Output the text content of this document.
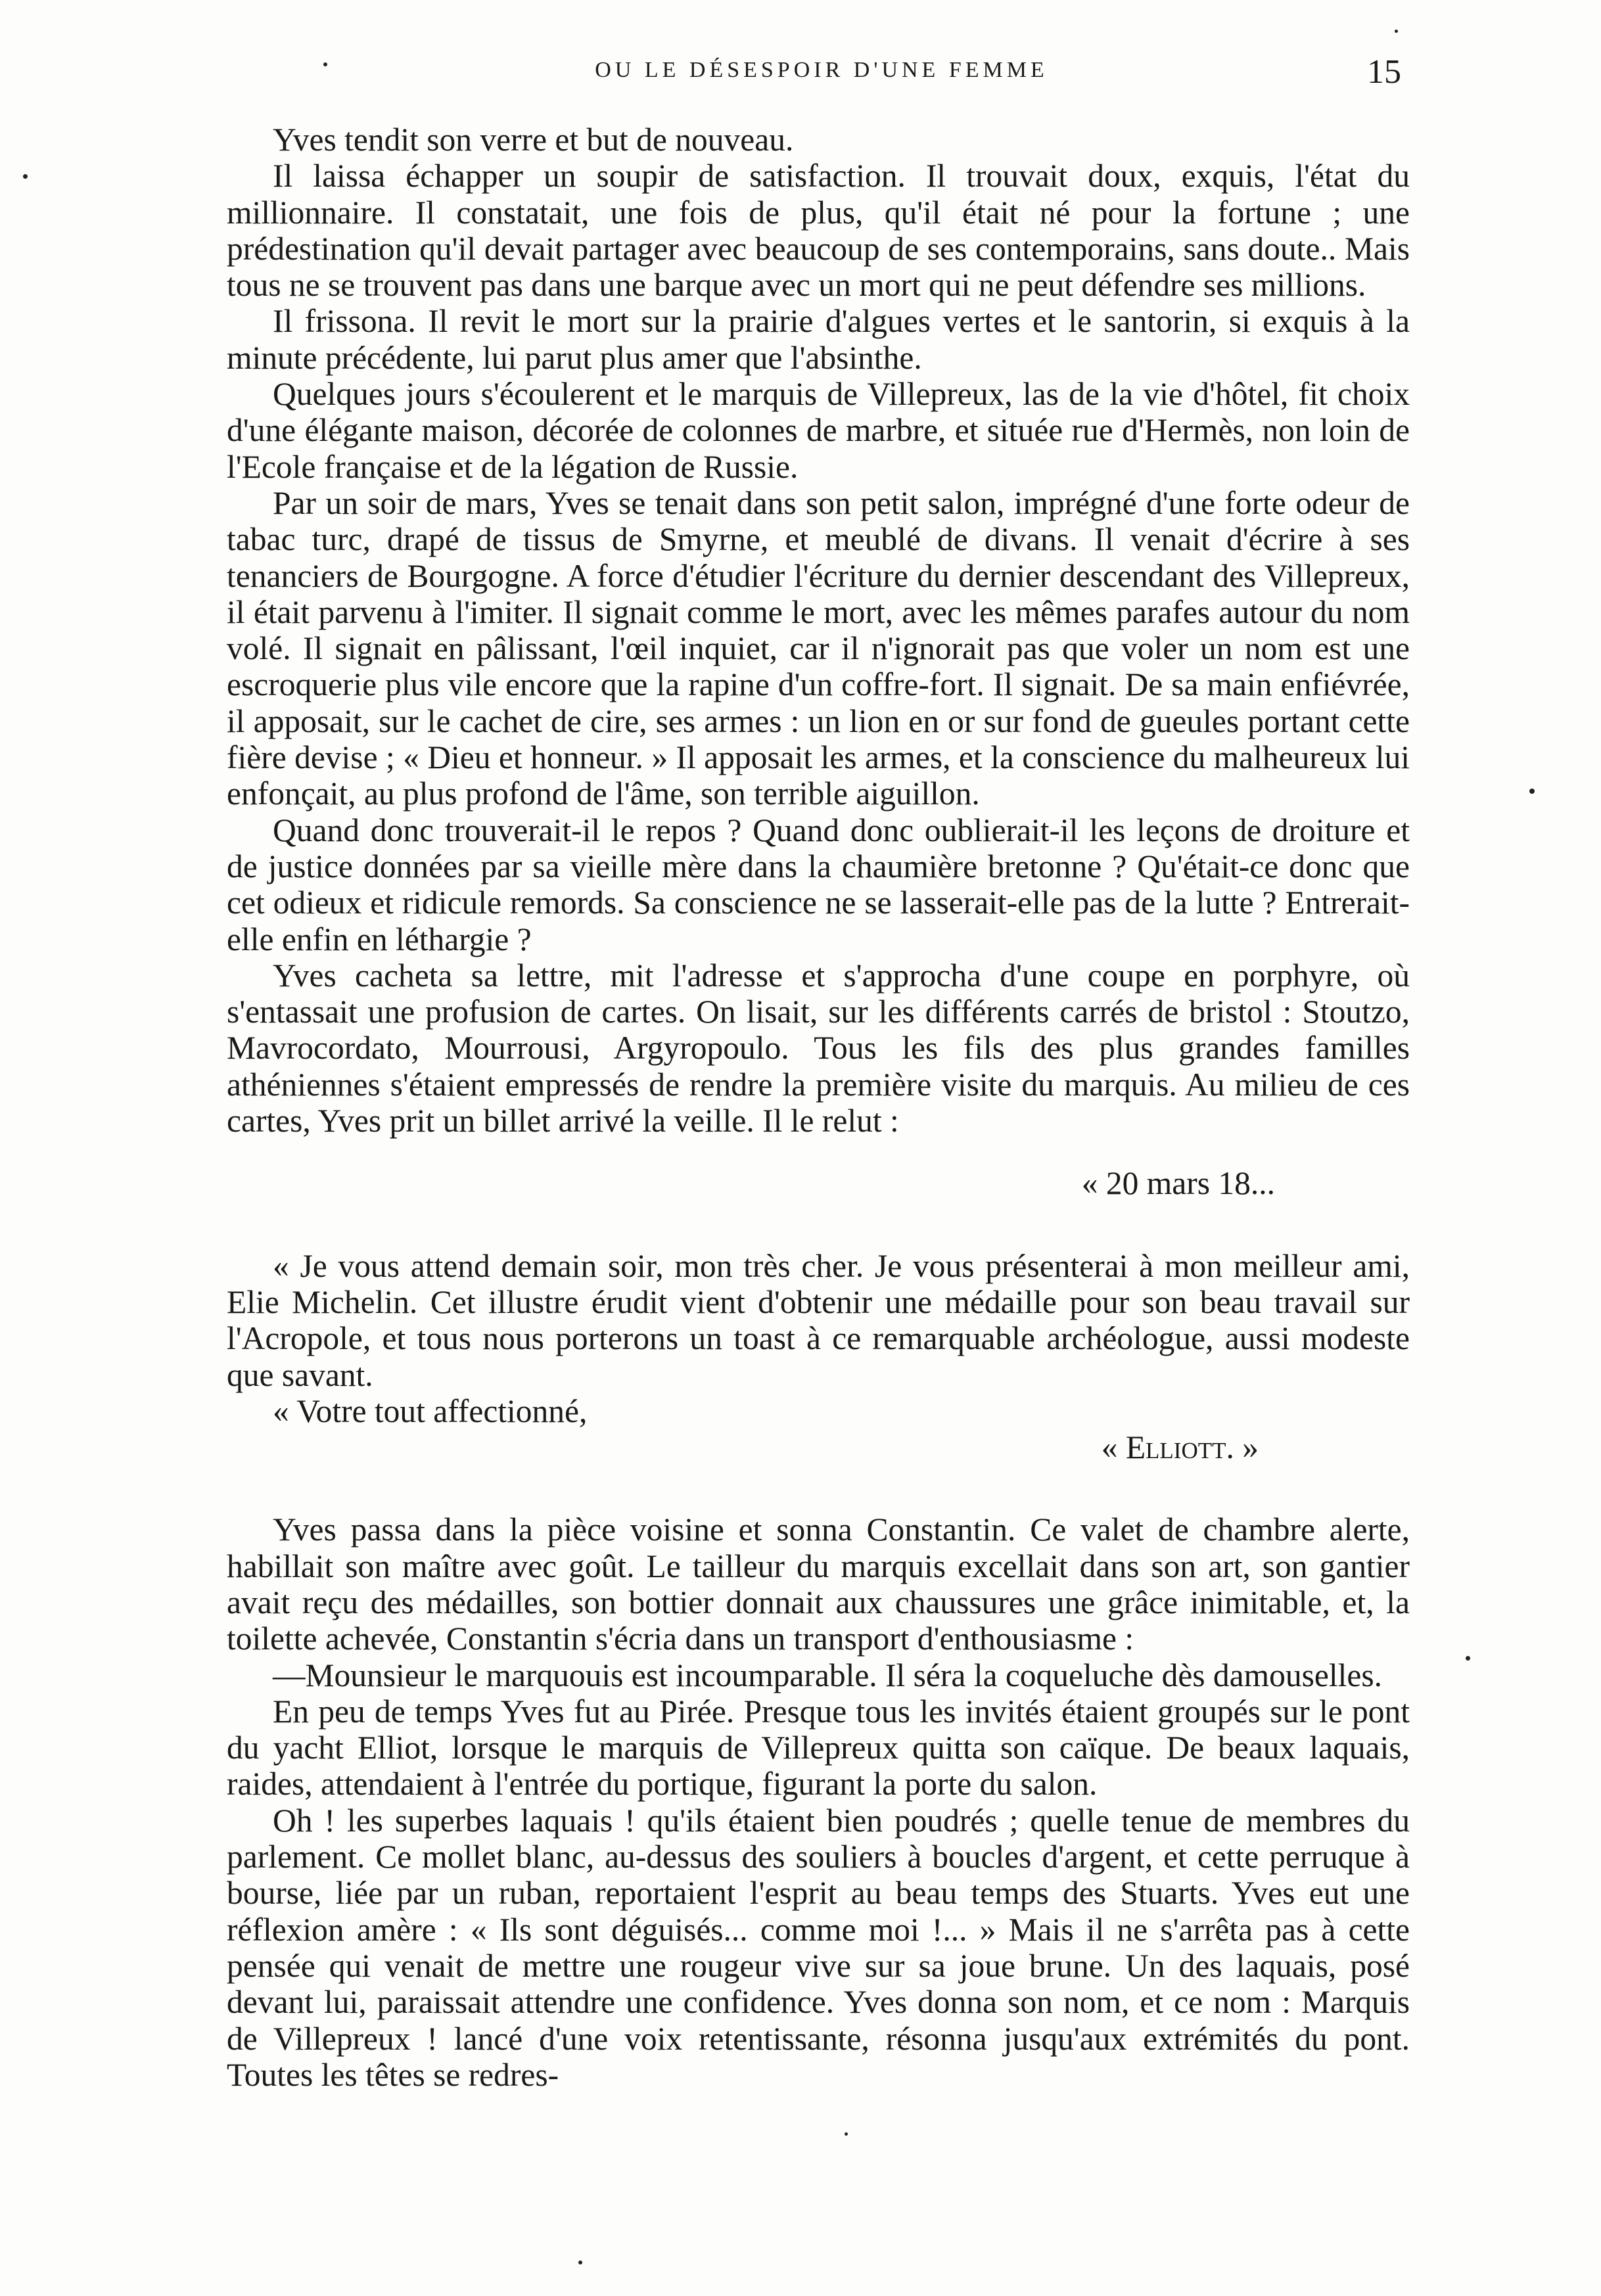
OU LE DÉSESPOIR D'UNE FEMME	15

Yves tendit son verre et but de nouveau.

Il laissa échapper un soupir de satisfaction. Il trouvait doux, exquis, l'état du millionnaire. Il constatait, une fois de plus, qu'il était né pour la fortune ; une prédestination qu'il devait partager avec beaucoup de ses contemporains, sans doute.. Mais tous ne se trouvent pas dans une barque avec un mort qui ne peut défendre ses millions.

Il frissona. Il revit le mort sur la prairie d'algues vertes et le santorin, si exquis à la minute précédente, lui parut plus amer que l'absinthe.

Quelques jours s'écoulerent et le marquis de Villepreux, las de la vie d'hôtel, fit choix d'une élégante maison, décorée de colonnes de marbre, et située rue d'Hermès, non loin de l'Ecole française et de la légation de Russie.

Par un soir de mars, Yves se tenait dans son petit salon, imprégné d'une forte odeur de tabac turc, drapé de tissus de Smyrne, et meublé de divans. Il venait d'écrire à ses tenanciers de Bourgogne. A force d'étudier l'écriture du dernier descendant des Villepreux, il était parvenu à l'imiter. Il signait comme le mort, avec les mêmes parafes autour du nom volé. Il signait en pâlissant, l'œil inquiet, car il n'ignorait pas que voler un nom est une escroquerie plus vile encore que la rapine d'un coffre-fort. Il signait. De sa main enfiévrée, il apposait, sur le cachet de cire, ses armes : un lion en or sur fond de gueules portant cette fière devise ; « Dieu et honneur. » Il apposait les armes, et la conscience du malheureux lui enfonçait, au plus profond de l'âme, son terrible aiguillon.

Quand donc trouverait-il le repos ? Quand donc oublierait-il les leçons de droiture et de justice données par sa vieille mère dans la chaumière bretonne ? Qu'était-ce donc que cet odieux et ridicule remords. Sa conscience ne se lasserait-elle pas de la lutte ? Entrerait-elle enfin en léthargie ?

Yves cacheta sa lettre, mit l'adresse et s'approcha d'une coupe en porphyre, où s'entassait une profusion de cartes. On lisait, sur les différents carrés de bristol : Stoutzo, Mavrocordato, Mourrousi, Argyropoulo. Tous les fils des plus grandes familles athéniennes s'étaient empressés de rendre la première visite du marquis. Au milieu de ces cartes, Yves prit un billet arrivé la veille. Il le relut :

« 20 mars 18...

« Je vous attend demain soir, mon très cher. Je vous présenterai à mon meilleur ami, Elie Michelin. Cet illustre érudit vient d'obtenir une médaille pour son beau travail sur l'Acropole, et tous nous porterons un toast à ce remarquable archéologue, aussi modeste que savant.

« Votre tout affectionné,

« Elliott. »

Yves passa dans la pièce voisine et sonna Constantin. Ce valet de chambre alerte, habillait son maître avec goût. Le tailleur du marquis excellait dans son art, son gantier avait reçu des médailles, son bottier donnait aux chaussures une grâce inimitable, et, la toilette achevée, Constantin s'écria dans un transport d'enthousiasme :

—Mounsieur le marquouis est incoumparable. Il séra la coqueluche dès damouselles.

En peu de temps Yves fut au Pirée. Presque tous les invités étaient groupés sur le pont du yacht Elliot, lorsque le marquis de Villepreux quitta son caïque. De beaux laquais, raides, attendaient à l'entrée du portique, figurant la porte du salon.

Oh ! les superbes laquais ! qu'ils étaient bien poudrés ; quelle tenue de membres du parlement. Ce mollet blanc, au-dessus des souliers à boucles d'argent, et cette perruque à bourse, liée par un ruban, reportaient l'esprit au beau temps des Stuarts. Yves eut une réflexion amère : « Ils sont déguisés... comme moi !... » Mais il ne s'arrêta pas à cette pensée qui venait de mettre une rougeur vive sur sa joue brune. Un des laquais, posé devant lui, paraissait attendre une confidence. Yves donna son nom, et ce nom : Marquis de Villepreux ! lancé d'une voix retentissante, résonna jusqu'aux extrémités du pont. Toutes les têtes se redres-
